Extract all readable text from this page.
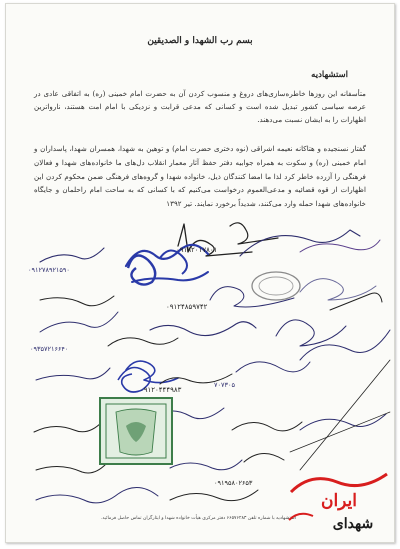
بسم رب الشهدا و الصدیقین
استشهادیه

متأسفانه این روزها خاطره‌سازی‌های دروغ و منسوب کردن آن به حضرت امام خمینی (ره) به اتفاقی عادی در عرصه سیاسی کشور تبدیل شده است و کسانی که مدعی قرابت و نزدیکی با امام امت هستند، ناروا‌ترین اظهارات را به ایشان نسبت می‌دهند.

گفتار نسنجیده و هتاکانه نعیمه اشراقی (نوه دختری حضرت امام) و توهین به شهدا، همسران شهدا، پاسداران و امام خمینی (ره) و سکوت به همراه جوابیه دفتر حفظ آثار معمار انقلاب دل‌های ما خانواده‌های شهدا و فعالان فرهنگی را آزرده خاطر کرد لذا ما امضا کنندگان ذیل، خانواده شهدا و گروه‌های فرهنگی ضمن محکوم کردن این اظهارات از قوه قضائیه و مدعی‌العموم درخواست می‌کنیم که با کسانی که به ساحت امام راحلمان و جایگاه خانواده‌های شهدا حمله وارد می‌کنند، شدیداً برخورد نمایند. تیر ۱۳۹۲

۰۹۱۹۲۰۱۷۸۰۱
۰۹۱۲۷۸۹۲۱۵۹۰
۰۹۱۲۴۸۵۹۷۴۲
۰۹۳۵۷۲۱۶۶۴۰
۰۹۱۲۰۴۴۴۹۸۳
۷۰۷۳۰۵
۰۹۱۹۵۸۰۲۶۵۳
استشهادیه با شماره تلفن ۶۶۵۷۶۲۸۳ دفتر مرکزی هیأت خانواده شهدا و ایثارگران تماس حاصل فرمائید.
ایران
شهدای
